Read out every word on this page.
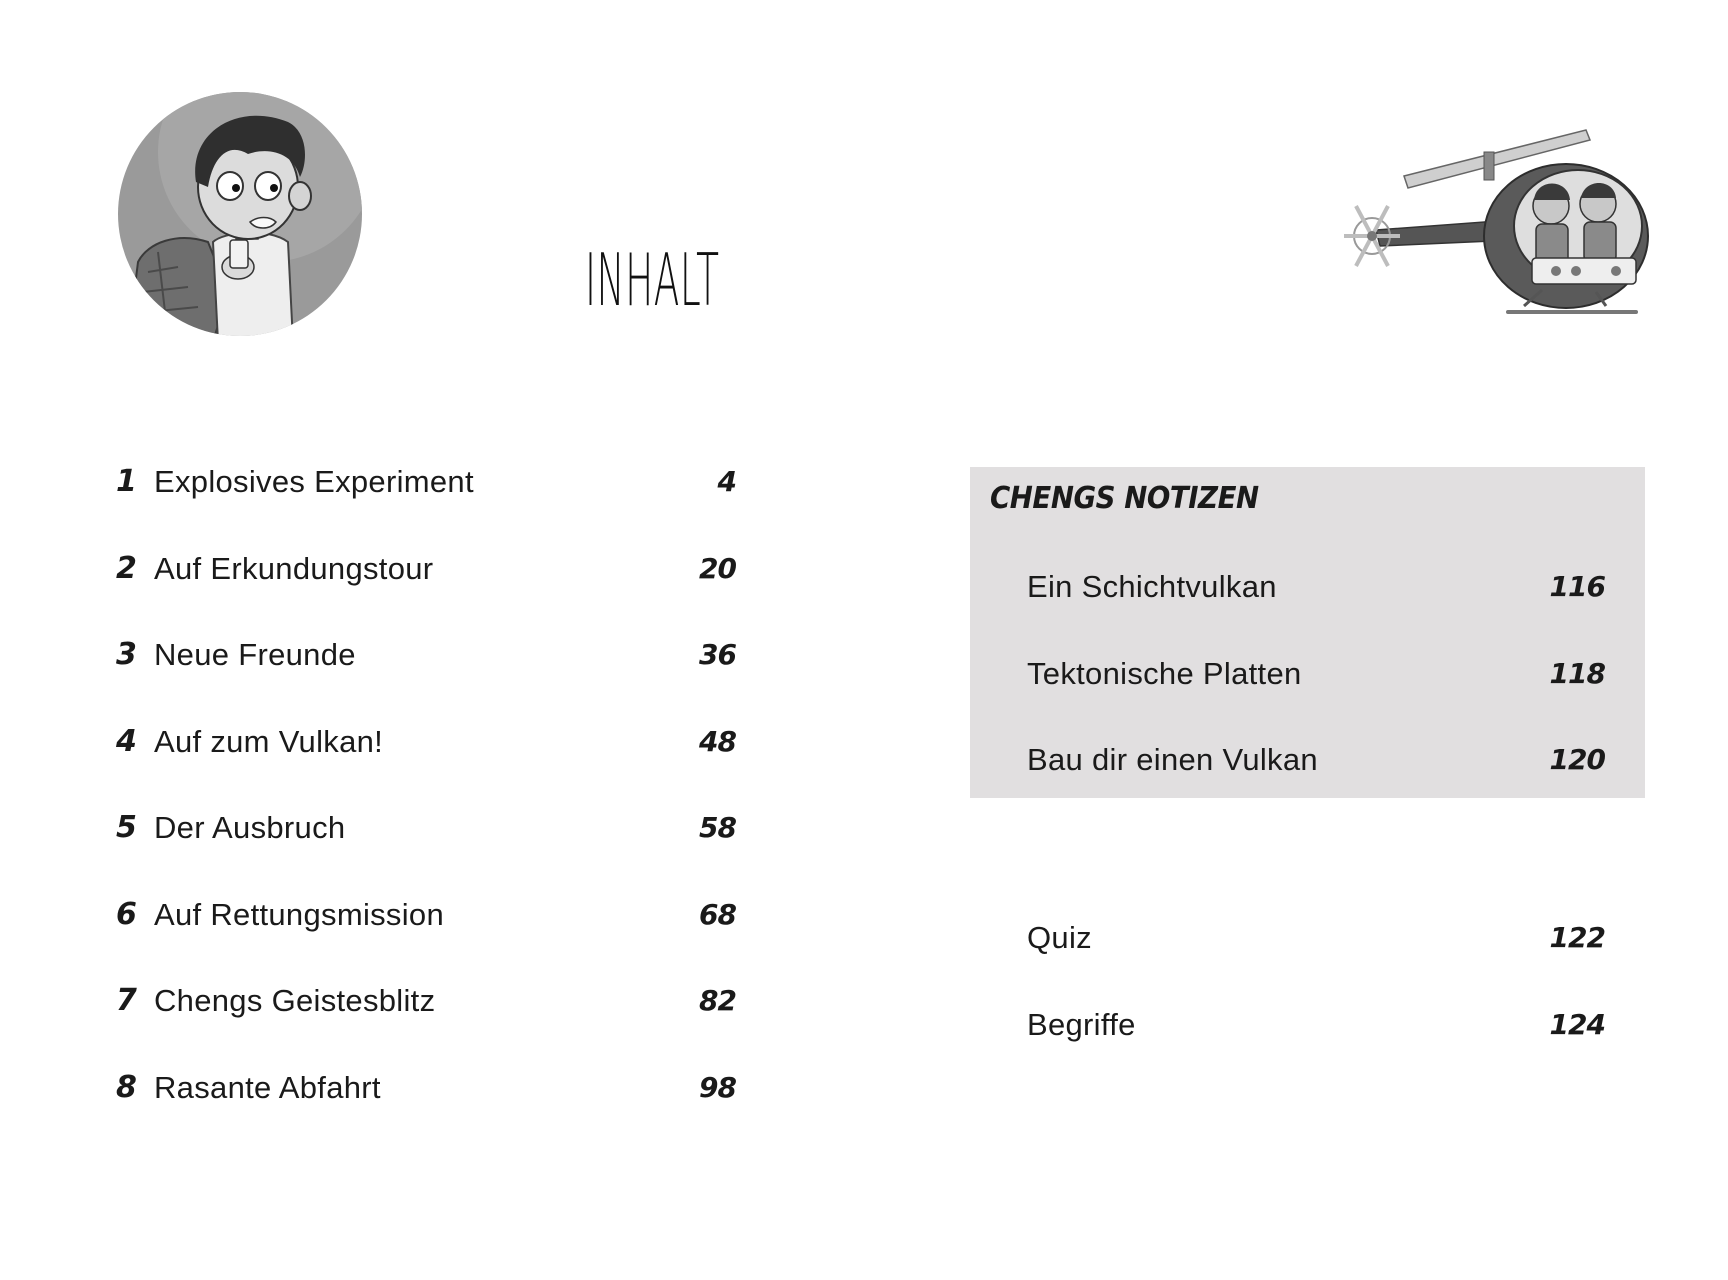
INHALT
1 Explosives Experiment	4
2 Auf Erkundungstour	20
3 Neue Freunde	36
4 Auf zum Vulkan!	48
5 Der Ausbruch	58
6 Auf Rettungsmission	68
7 Chengs Geistesblitz	82
8 Rasante Abfahrt	98
CHENGS NOTIZEN
Ein Schichtvulkan	116
Tektonische Platten	118
Bau dir einen Vulkan	120
Quiz	122
Begriffe	124
